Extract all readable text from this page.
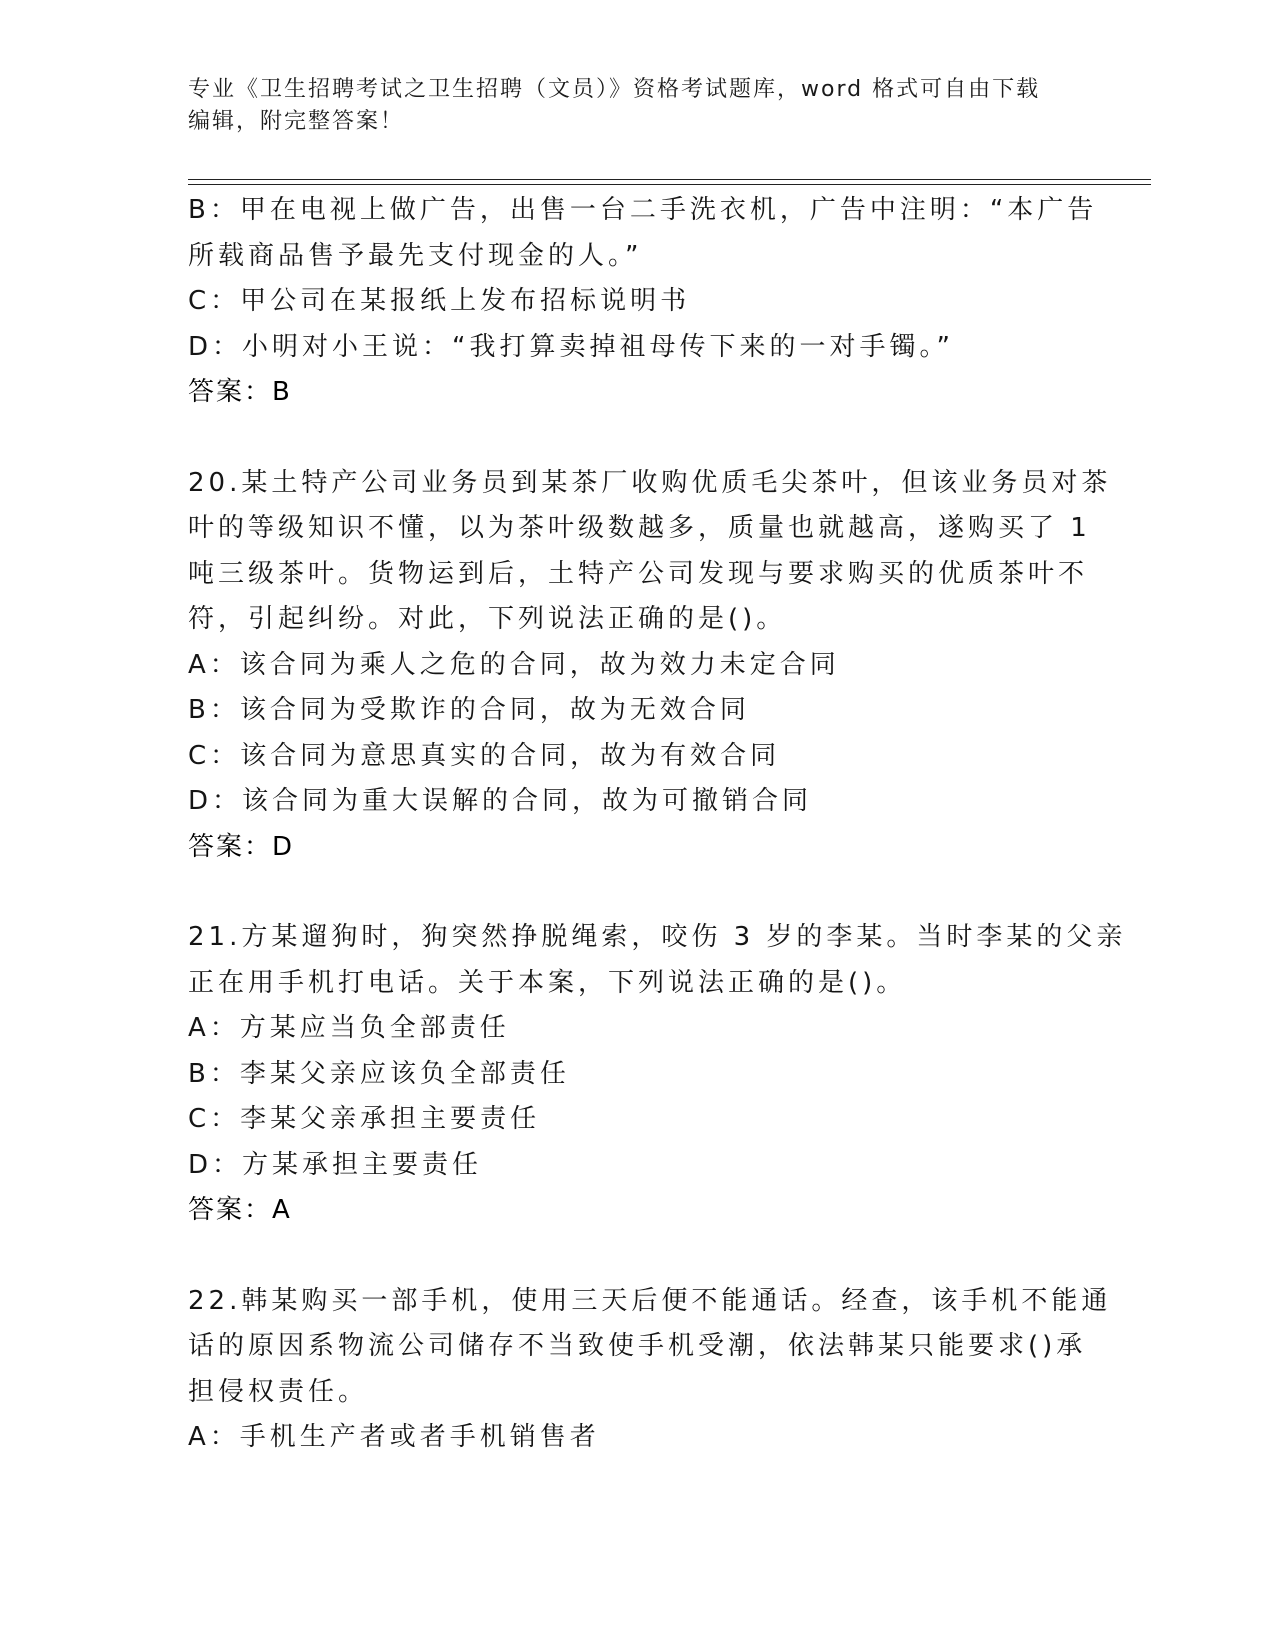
专业《卫生招聘考试之卫生招聘（文员）》资格考试题库，word 格式可自由下载
编辑，附完整答案！
B：甲在电视上做广告，出售一台二手洗衣机，广告中注明：“本广告
所载商品售予最先支付现金的人。”
C：甲公司在某报纸上发布招标说明书
D：小明对小王说：“我打算卖掉祖母传下来的一对手镯。”
答案：B
20.某土特产公司业务员到某茶厂收购优质毛尖茶叶，但该业务员对茶
叶的等级知识不懂，以为茶叶级数越多，质量也就越高，遂购买了 1
吨三级茶叶。货物运到后，土特产公司发现与要求购买的优质茶叶不
符，引起纠纷。对此，下列说法正确的是()。
A：该合同为乘人之危的合同，故为效力未定合同
B：该合同为受欺诈的合同，故为无效合同
C：该合同为意思真实的合同，故为有效合同
D：该合同为重大误解的合同，故为可撤销合同
答案：D
21.方某遛狗时，狗突然挣脱绳索，咬伤 3 岁的李某。当时李某的父亲
正在用手机打电话。关于本案，下列说法正确的是()。
A：方某应当负全部责任
B：李某父亲应该负全部责任
C：李某父亲承担主要责任
D：方某承担主要责任
答案：A
22.韩某购买一部手机，使用三天后便不能通话。经查，该手机不能通
话的原因系物流公司储存不当致使手机受潮，依法韩某只能要求()承
担侵权责任。
A：手机生产者或者手机销售者
